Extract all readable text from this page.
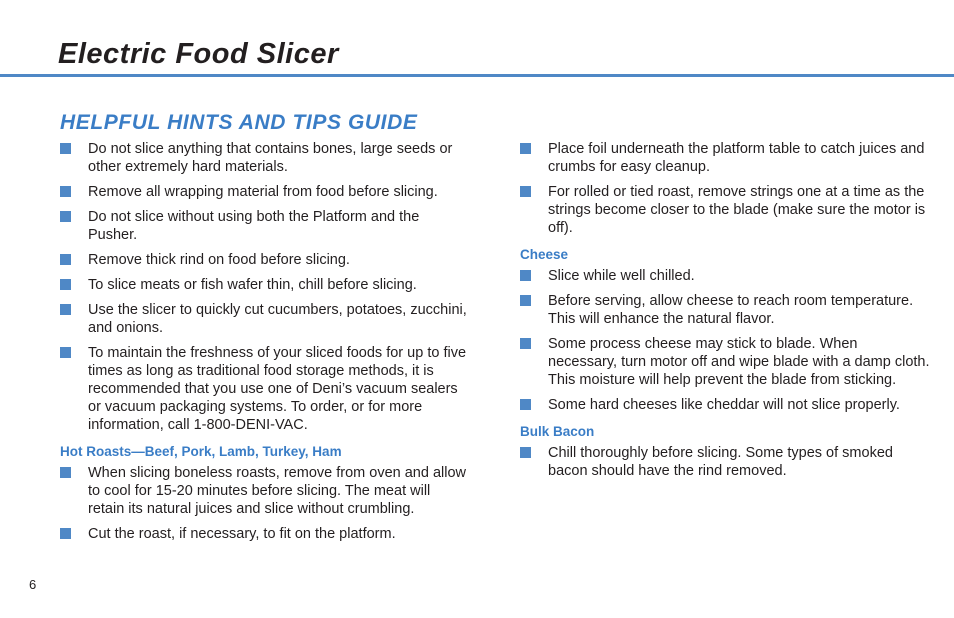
Electric Food Slicer
HELPFUL HINTS AND TIPS GUIDE
Do not slice anything that contains bones, large seeds or other extremely hard materials.
Remove all wrapping material from food before slicing.
Do not slice without using both the Platform and the Pusher.
Remove thick rind on food before slicing.
To slice meats or fish wafer thin, chill before slicing.
Use the slicer to quickly cut cucumbers, potatoes, zucchini, and onions.
To maintain the freshness of your sliced foods for up to five times as long as traditional food storage methods, it is recommended that you use one of Deni’s vacuum sealers or vacuum packaging systems. To order, or for more information, call 1-800-DENI-VAC.
Hot Roasts—Beef, Pork, Lamb, Turkey, Ham
When slicing boneless roasts, remove from oven and allow to cool for 15-20 minutes before slicing. The meat will retain its natural juices and slice without crumbling.
Cut the roast, if necessary, to fit on the platform.
Place foil underneath the platform table to catch juices and crumbs for easy cleanup.
For rolled or tied roast, remove strings one at a time as the strings become closer to the blade (make sure the motor is off).
Cheese
Slice while well chilled.
Before serving, allow cheese to reach room temperature. This will enhance the natural flavor.
Some process cheese may stick to blade. When necessary, turn motor off and wipe blade with a damp cloth. This moisture will help prevent the blade from sticking.
Some hard cheeses like cheddar will not slice properly.
Bulk Bacon
Chill thoroughly before slicing. Some types of smoked bacon should have the rind removed.
6
